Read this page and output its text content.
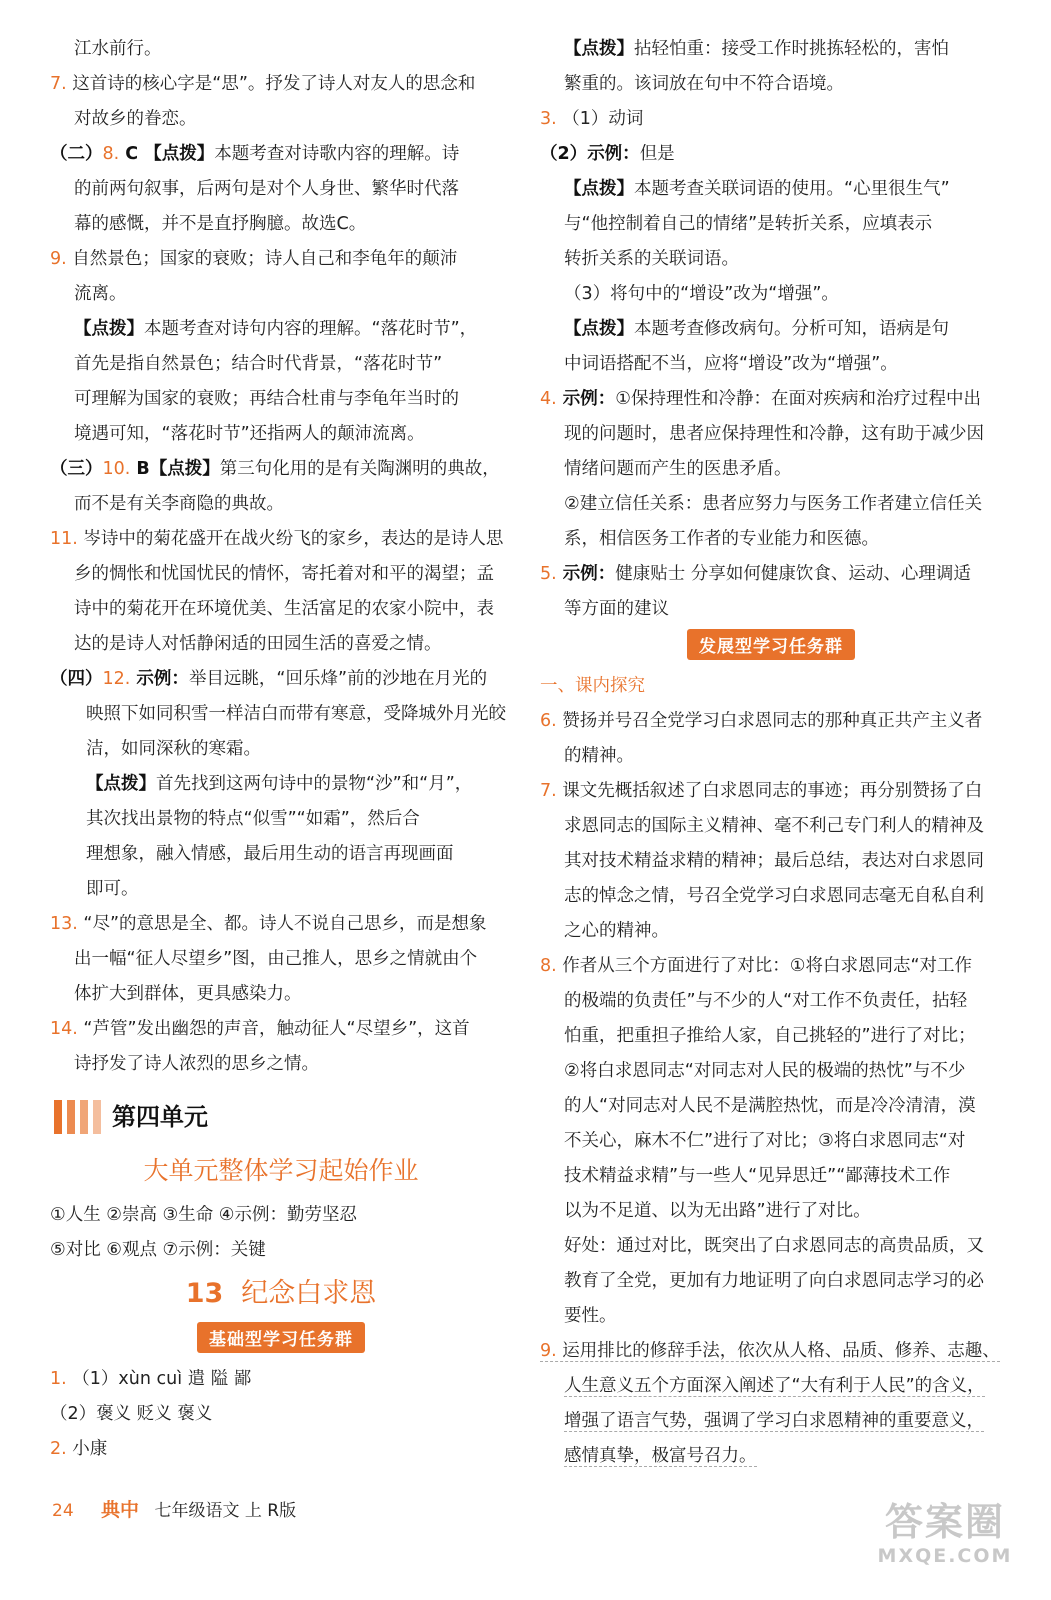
江水前行。
7. 这首诗的核心字是“思”。抒发了诗人对友人的思念和
对故乡的眷恋。
（二）8. C 【点拨】本题考查对诗歌内容的理解。诗
的前两句叙事，后两句是对个人身世、繁华时代落
幕的感慨，并不是直抒胸臆。故选C。
9. 自然景色；国家的衰败；诗人自己和李龟年的颠沛
流离。
【点拨】本题考查对诗句内容的理解。“落花时节”，
首先是指自然景色；结合时代背景，“落花时节”
可理解为国家的衰败；再结合杜甫与李龟年当时的
境遇可知，“落花时节”还指两人的颠沛流离。
（三）10. B【点拨】第三句化用的是有关陶渊明的典故，
而不是有关李商隐的典故。
11. 岑诗中的菊花盛开在战火纷飞的家乡，表达的是诗人思
乡的惆怅和忧国忧民的情怀，寄托着对和平的渴望；孟
诗中的菊花开在环境优美、生活富足的农家小院中，表
达的是诗人对恬静闲适的田园生活的喜爱之情。
（四）12. 示例：举目远眺，“回乐烽”前的沙地在月光的
映照下如同积雪一样洁白而带有寒意，受降城外月光皎
洁，如同深秋的寒霜。
【点拨】首先找到这两句诗中的景物“沙”和“月”，
其次找出景物的特点“似雪”“如霜”，然后合
理想象，融入情感，最后用生动的语言再现画面
即可。
13. “尽”的意思是全、都。诗人不说自己思乡，而是想象
出一幅“征人尽望乡”图，由己推人，思乡之情就由个
体扩大到群体，更具感染力。
14. “芦管”发出幽怨的声音，触动征人“尽望乡”，这首
诗抒发了诗人浓烈的思乡之情。
第四单元
大单元整体学习起始作业
①人生 ②崇高 ③生命 ④示例：勤劳坚忍
⑤对比 ⑥观点 ⑦示例：关键
13 纪念白求恩
基础型学习任务群
1. （1）xùn cuì 遣 隘 鄙
（2）褒义 贬义 褒义
2. 小康
【点拨】拈轻怕重：接受工作时挑拣轻松的，害怕
繁重的。该词放在句中不符合语境。
3. （1）动词
（2）示例：但是
【点拨】本题考查关联词语的使用。“心里很生气”
与“他控制着自己的情绪”是转折关系，应填表示
转折关系的关联词语。
（3）将句中的“增设”改为“增强”。
【点拨】本题考查修改病句。分析可知，语病是句
中词语搭配不当，应将“增设”改为“增强”。
4. 示例：①保持理性和冷静：在面对疾病和治疗过程中出
现的问题时，患者应保持理性和冷静，这有助于减少因
情绪问题而产生的医患矛盾。
②建立信任关系：患者应努力与医务工作者建立信任关
系，相信医务工作者的专业能力和医德。
5. 示例：健康贴士 分享如何健康饮食、运动、心理调适
等方面的建议
发展型学习任务群
一、课内探究
6. 赞扬并号召全党学习白求恩同志的那种真正共产主义者
的精神。
7. 课文先概括叙述了白求恩同志的事迹；再分别赞扬了白
求恩同志的国际主义精神、毫不利己专门利人的精神及
其对技术精益求精的精神；最后总结，表达对白求恩同
志的悼念之情，号召全党学习白求恩同志毫无自私自利
之心的精神。
8. 作者从三个方面进行了对比：①将白求恩同志“对工作
的极端的负责任”与不少的人“对工作不负责任，拈轻
怕重，把重担子推给人家，自己挑轻的”进行了对比；
②将白求恩同志“对同志对人民的极端的热忱”与不少
的人“对同志对人民不是满腔热忱，而是冷冷清清，漠
不关心，麻木不仁”进行了对比；③将白求恩同志“对
技术精益求精”与一些人“见异思迁”“鄙薄技术工作
以为不足道、以为无出路”进行了对比。
好处：通过对比，既突出了白求恩同志的高贵品质，又
教育了全党，更加有力地证明了向白求恩同志学习的必
要性。
9. 运用排比的修辞手法，依次从人格、品质、修养、志趣、
人生意义五个方面深入阐述了“大有利于人民”的含义，
增强了语言气势，强调了学习白求恩精神的重要意义，
感情真挚，极富号召力。
24 典中 七年级语文 上 R版	答案圈
MXQE.COM
